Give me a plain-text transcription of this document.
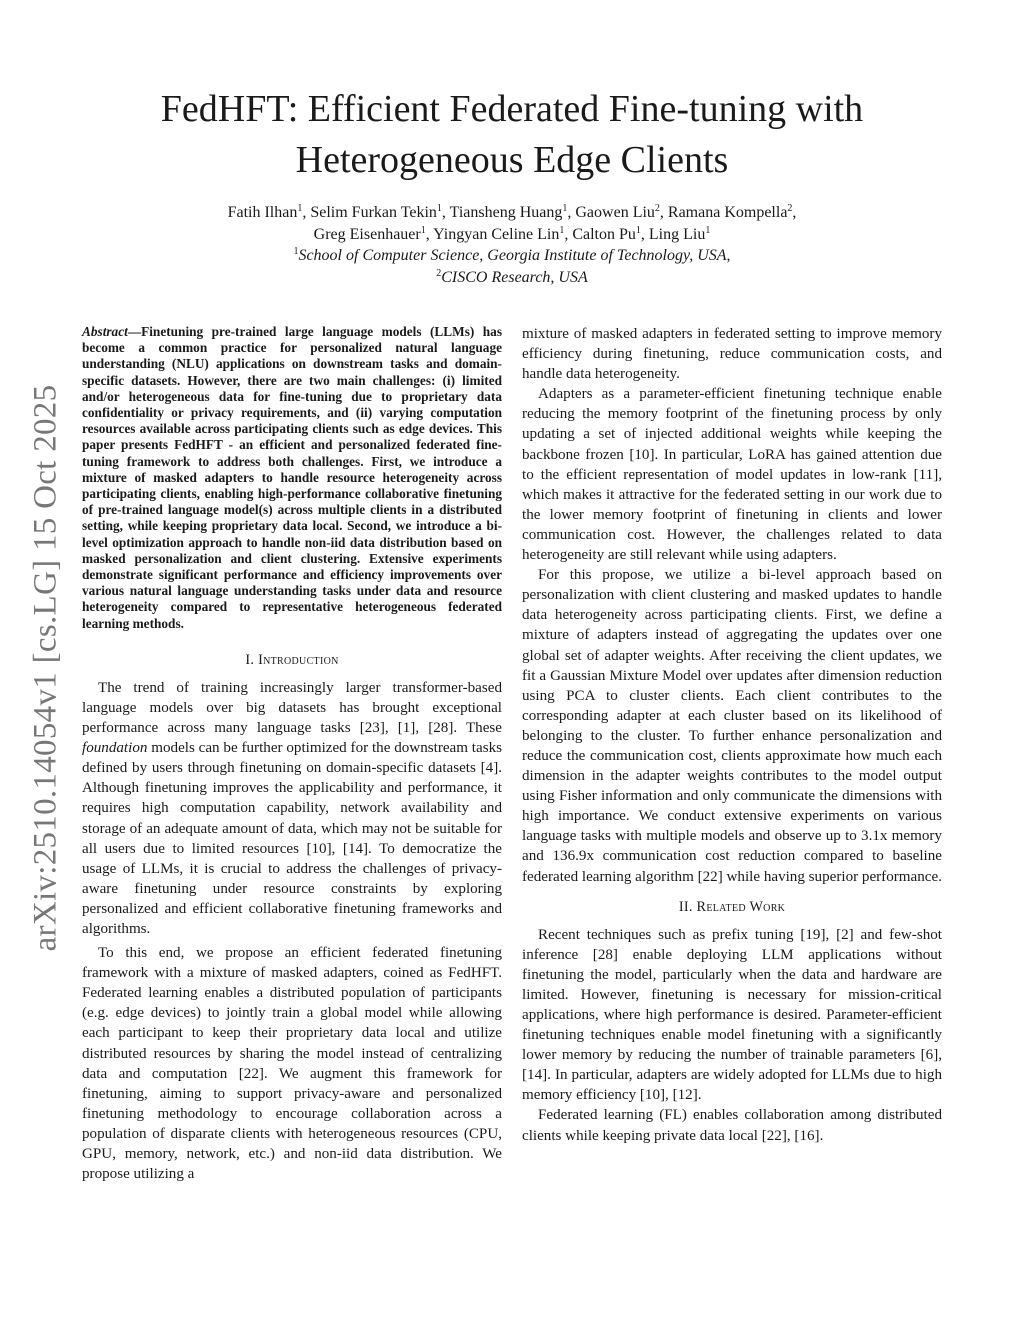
arXiv:2510.14054v1 [cs.LG] 15 Oct 2025
FedHFT: Efficient Federated Fine-tuning with
Heterogeneous Edge Clients
Fatih Ilhan$^1$, Selim Furkan Tekin$^1$, Tiansheng Huang$^1$, Gaowen Liu$^2$, Ramana Kompella$^2$,
Greg Eisenhauer$^1$, Yingyan Celine Lin$^1$, Calton Pu$^1$, Ling Liu$^1$
$^1$School of Computer Science, Georgia Institute of Technology, USA,
$^2$CISCO Research, USA

Abstract—Finetuning pre-trained large language models (LLMs) has become a common practice for personalized natural language understanding (NLU) applications on downstream tasks and domain-specific datasets. However, there are two main challenges: (i) limited and/or heterogeneous data for fine-tuning due to proprietary data confidentiality or privacy requirements, and (ii) varying computation resources available across participating clients such as edge devices. This paper presents FedHFT - an efficient and personalized federated fine-tuning framework to address both challenges. First, we introduce a mixture of masked adapters to handle resource heterogeneity across participating clients, enabling high-performance collaborative finetuning of pre-trained language model(s) across multiple clients in a distributed setting, while keeping proprietary data local. Second, we introduce a bi-level optimization approach to handle non-iid data distribution based on masked personalization and client clustering. Extensive experiments demonstrate significant performance and efficiency improvements over various natural language understanding tasks under data and resource heterogeneity compared to representative heterogeneous federated learning methods.

I. Introduction

The trend of training increasingly larger transformer-based language models over big datasets has brought exceptional performance across many language tasks [23], [1], [28]. These foundation models can be further optimized for the downstream tasks defined by users through finetuning on domain-specific datasets [4]. Although finetuning improves the applicability and performance, it requires high computation capability, network availability and storage of an adequate amount of data, which may not be suitable for all users due to limited resources [10], [14]. To democratize the usage of LLMs, it is crucial to address the challenges of privacy-aware finetuning under resource constraints by exploring personalized and efficient collaborative finetuning frameworks and algorithms.

To this end, we propose an efficient federated finetuning framework with a mixture of masked adapters, coined as FedHFT. Federated learning enables a distributed population of participants (e.g. edge devices) to jointly train a global model while allowing each participant to keep their proprietary data local and utilize distributed resources by sharing the model instead of centralizing data and computation [22]. We augment this framework for finetuning, aiming to support privacy-aware and personalized finetuning methodology to encourage collaboration across a population of disparate clients with heterogeneous resources (CPU, GPU, memory, network, etc.) and non-iid data distribution. We propose utilizing a

mixture of masked adapters in federated setting to improve memory efficiency during finetuning, reduce communication costs, and handle data heterogeneity.

Adapters as a parameter-efficient finetuning technique enable reducing the memory footprint of the finetuning process by only updating a set of injected additional weights while keeping the backbone frozen [10]. In particular, LoRA has gained attention due to the efficient representation of model updates in low-rank [11], which makes it attractive for the federated setting in our work due to the lower memory footprint of finetuning in clients and lower communication cost. However, the challenges related to data heterogeneity are still relevant while using adapters.

For this propose, we utilize a bi-level approach based on personalization with client clustering and masked updates to handle data heterogeneity across participating clients. First, we define a mixture of adapters instead of aggregating the updates over one global set of adapter weights. After receiving the client updates, we fit a Gaussian Mixture Model over updates after dimension reduction using PCA to cluster clients. Each client contributes to the corresponding adapter at each cluster based on its likelihood of belonging to the cluster. To further enhance personalization and reduce the communication cost, clients approximate how much each dimension in the adapter weights contributes to the model output using Fisher information and only communicate the dimensions with high importance. We conduct extensive experiments on various language tasks with multiple models and observe up to 3.1x memory and 136.9x communication cost reduction compared to baseline federated learning algorithm [22] while having superior performance.

II. Related Work

Recent techniques such as prefix tuning [19], [2] and few-shot inference [28] enable deploying LLM applications without finetuning the model, particularly when the data and hardware are limited. However, finetuning is necessary for mission-critical applications, where high performance is desired. Parameter-efficient finetuning techniques enable model finetuning with a significantly lower memory by reducing the number of trainable parameters [6], [14]. In particular, adapters are widely adopted for LLMs due to high memory efficiency [10], [12].

Federated learning (FL) enables collaboration among distributed clients while keeping private data local [22], [16].
